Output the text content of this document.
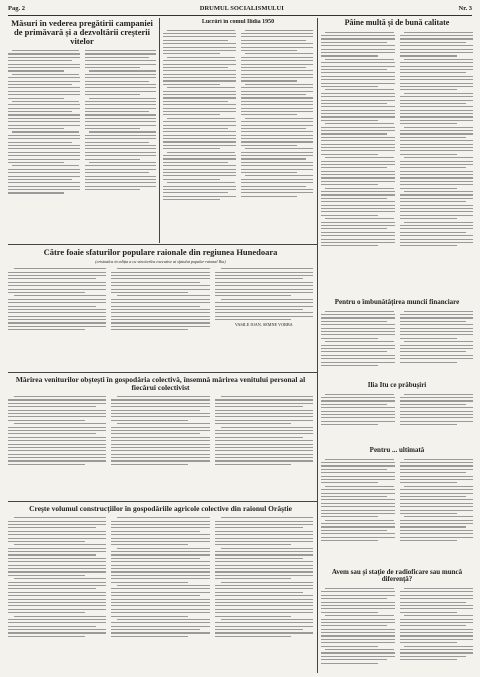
Pag. 2	DRUMUL SOCIALISMULUI	Nr. 3
Măsuri în vederea pregătirii campaniei de primăvară și a dezvoltării creșterii vitelor
Lucrări în comul Ilidia 1950	Pâine multă și de bună calitate
Către foaie sfaturilor populare raionale din regiunea Hunedoara
(cristoalca in ediția a cu vinciterlea executive ai sfatului popular raional Ilia)
VASILE IOAN, SEMNE VORBA
Pentru o îmbunătățirea muncii financiare
Mărirea veniturilor obștești în gospodăria colectivă, însemnă mărirea venitului personal al fiecărui colectivist
Creşte volumul construcţiilor în gospodăriile agricole colective din raionul Orăştie
Ilia Itu ce prăbușiri
Pentru ... ultimată
Avem sau și stație de radioficare sau muncă diferență?
